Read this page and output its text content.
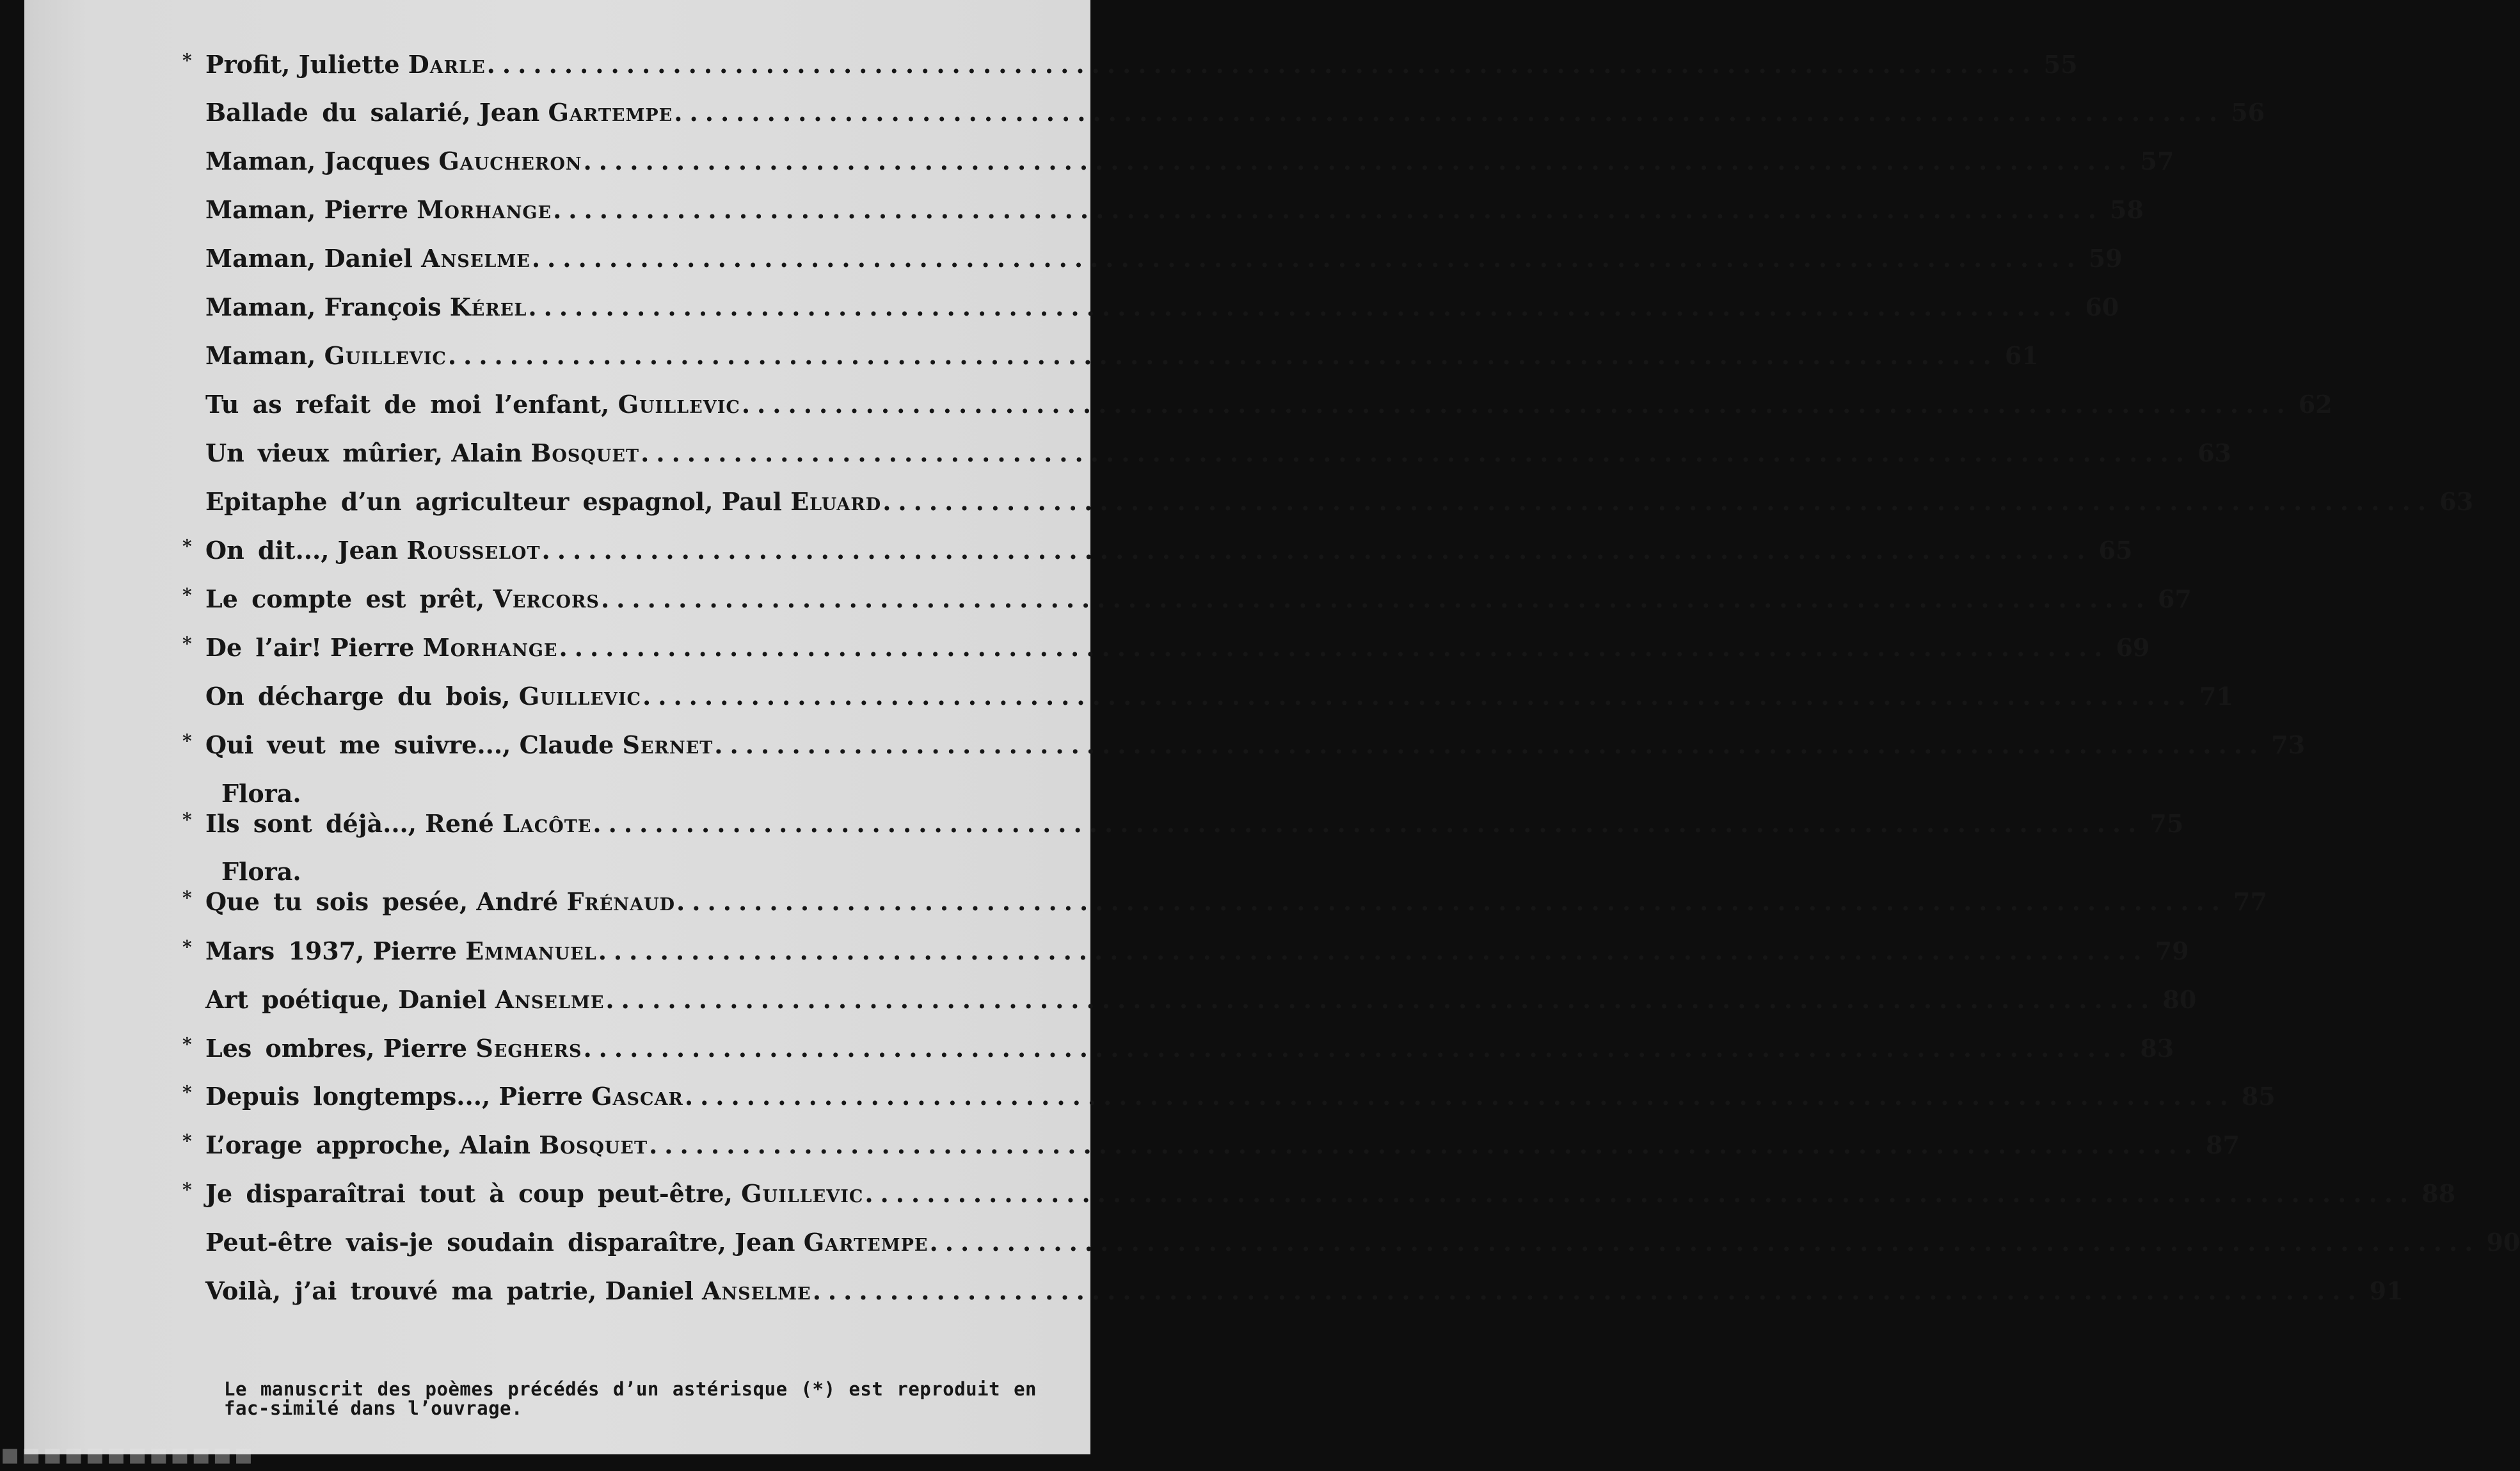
* Profit,
Juliette
Darle .................................................................................................... 55
Ballade du salarié,
Jean
Gartempe .................................................................................................... 56
Maman,
Jacques
Gaucheron .................................................................................................... 57
Maman,
Pierre
Morhange .................................................................................................... 58
Maman,
Daniel
Anselme .................................................................................................... 59
Maman,
François
Kérel .................................................................................................... 60
Maman,
Guillevic .................................................................................................... 61
Tu as refait de moi l’enfant,
Guillevic .................................................................................................... 62
Un vieux mûrier,
Alain
Bosquet .................................................................................................... 63
Epitaphe d’un agriculteur espagnol,
Paul
Eluard .................................................................................................... 63
* On dit...,
Jean
Rousselot .................................................................................................... 65
* Le compte est prêt,
Vercors .................................................................................................... 67
* De l’air!
Pierre
Morhange .................................................................................................... 69
On décharge du bois,
Guillevic .................................................................................................... 71
* Qui veut me suivre...,
Claude
Sernet .................................................................................................... 73
Flora.
* Ils sont déjà...,
René
Lacôte .................................................................................................... 75
Flora.
* Que tu sois pesée,
André
Frénaud .................................................................................................... 77
* Mars 1937,
Pierre
Emmanuel .................................................................................................... 79
Art poétique,
Daniel
Anselme .................................................................................................... 80
* Les ombres,
Pierre
Seghers .................................................................................................... 83
* Depuis longtemps...,
Pierre
Gascar .................................................................................................... 85
* L’orage approche,
Alain
Bosquet .................................................................................................... 87
* Je disparaîtrai tout à coup peut-être,
Guillevic .................................................................................................... 88
Peut-être vais-je soudain disparaître,
Jean
Gartempe .................................................................................................... 90
Voilà, j’ai trouvé ma patrie,
Daniel
Anselme .................................................................................................... 91
Le manuscrit des poèmes précédés d’un astérisque (*) est reproduit en fac-similé dans l’ouvrage.
▪▪▪▪▪▪▪▪▪▪▪▪
